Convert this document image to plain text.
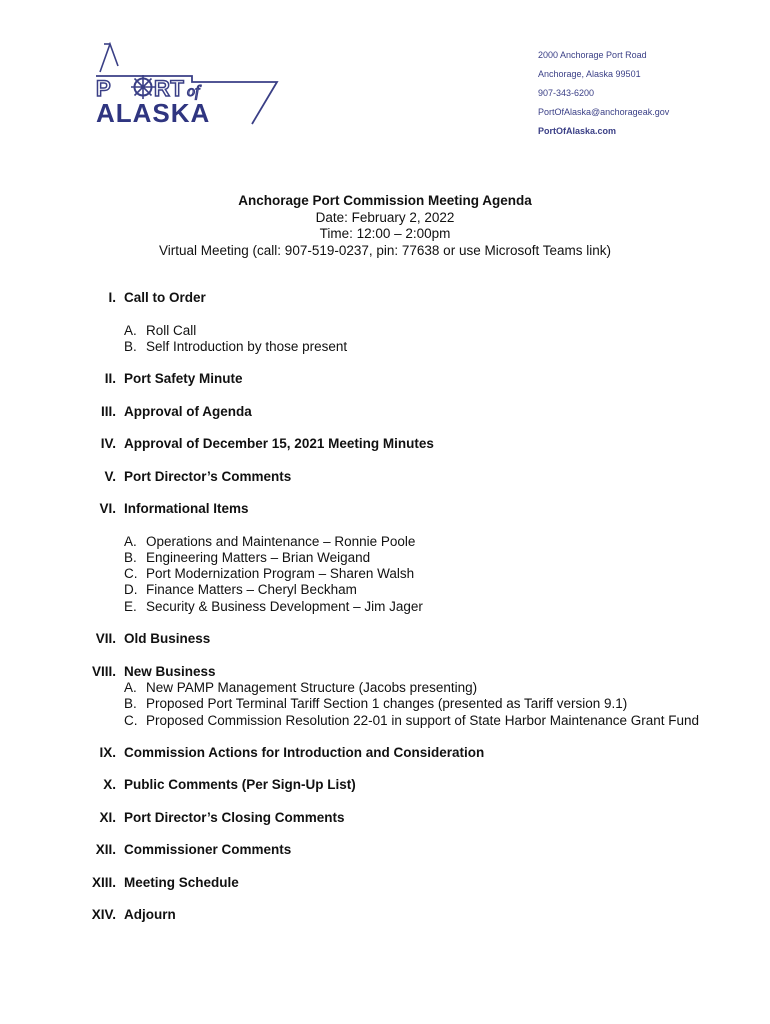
P RT of
ALASKA
2000 Anchorage Port Road
Anchorage, Alaska 99501
907-343-6200
PortOfAlaska@anchorageak.gov
PortOfAlaska.com
Anchorage Port Commission Meeting Agenda
Date: February 2, 2022
Time: 12:00 – 2:00pm
Virtual Meeting (call: 907-519-0237, pin: 77638 or use Microsoft Teams link)
I. Call to Order
A. Roll Call
B. Self Introduction by those present
II. Port Safety Minute
III. Approval of Agenda
IV. Approval of December 15, 2021 Meeting Minutes
V. Port Director’s Comments
VI. Informational Items
A. Operations and Maintenance – Ronnie Poole
B. Engineering Matters – Brian Weigand
C. Port Modernization Program – Sharen Walsh
D. Finance Matters – Cheryl Beckham
E. Security & Business Development – Jim Jager
VII. Old Business
VIII. New Business
A. New PAMP Management Structure (Jacobs presenting)
B. Proposed Port Terminal Tariff Section 1 changes (presented as Tariff version 9.1)
C. Proposed Commission Resolution 22-01 in support of State Harbor Maintenance Grant Fund
IX. Commission Actions for Introduction and Consideration
X. Public Comments (Per Sign-Up List)
XI. Port Director’s Closing Comments
XII. Commissioner Comments
XIII. Meeting Schedule
XIV. Adjourn
